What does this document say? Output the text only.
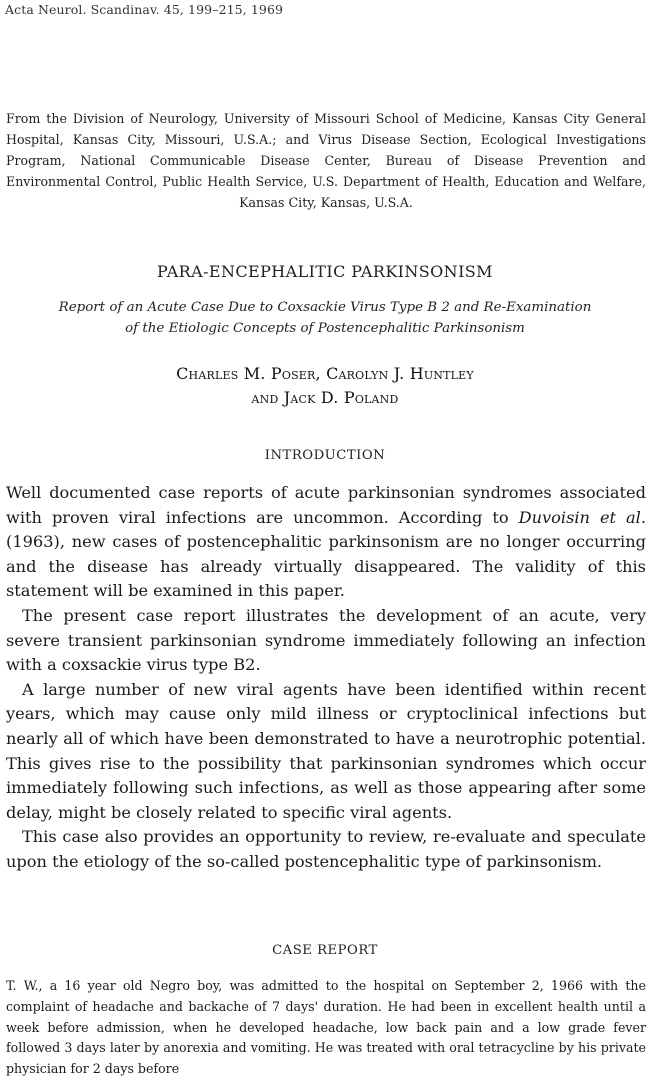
Acta Neurol. Scandinav. 45, 199–215, 1969
From the Division of Neurology, University of Missouri School of Medicine, Kansas City General Hospital, Kansas City, Missouri, U.S.A.; and Virus Disease Section, Ecological Investigations Program, National Communicable Disease Center, Bureau of Disease Prevention and Environmental Control, Public Health Service, U.S. Department of Health, Education and Welfare, Kansas City, Kansas, U.S.A.
PARA-ENCEPHALITIC PARKINSONISM
Report of an Acute Case Due to Coxsackie Virus Type B 2 and Re-Examination
of the Etiologic Concepts of Postencephalitic Parkinsonism
Charles M. Poser, Carolyn J. Huntley
and Jack D. Poland
INTRODUCTION

Well documented case reports of acute parkinsonian syndromes associated with proven viral infections are uncommon. According to Duvoisin et al. (1963), new cases of postencephalitic parkinsonism are no longer occurring and the disease has already virtually disappeared. The validity of this statement will be examined in this paper.

The present case report illustrates the development of an acute, very severe transient parkinsonian syndrome immediately following an infection with a coxsackie virus type B2.

A large number of new viral agents have been identified within recent years, which may cause only mild illness or cryptoclinical infections but nearly all of which have been demonstrated to have a neurotrophic potential. This gives rise to the possibility that parkinsonian syndromes which occur immediately following such infections, as well as those appearing after some delay, might be closely related to specific viral agents.

This case also provides an opportunity to review, re-evaluate and speculate upon the etiology of the so-called postencephalitic type of parkinsonism.

CASE REPORT

T. W., a 16 year old Negro boy, was admitted to the hospital on September 2, 1966 with the complaint of headache and backache of 7 days' duration. He had been in excellent health until a week before admission, when he developed headache, low back pain and a low grade fever followed 3 days later by anorexia and vomiting. He was treated with oral tetracycline by his private physician for 2 days before
